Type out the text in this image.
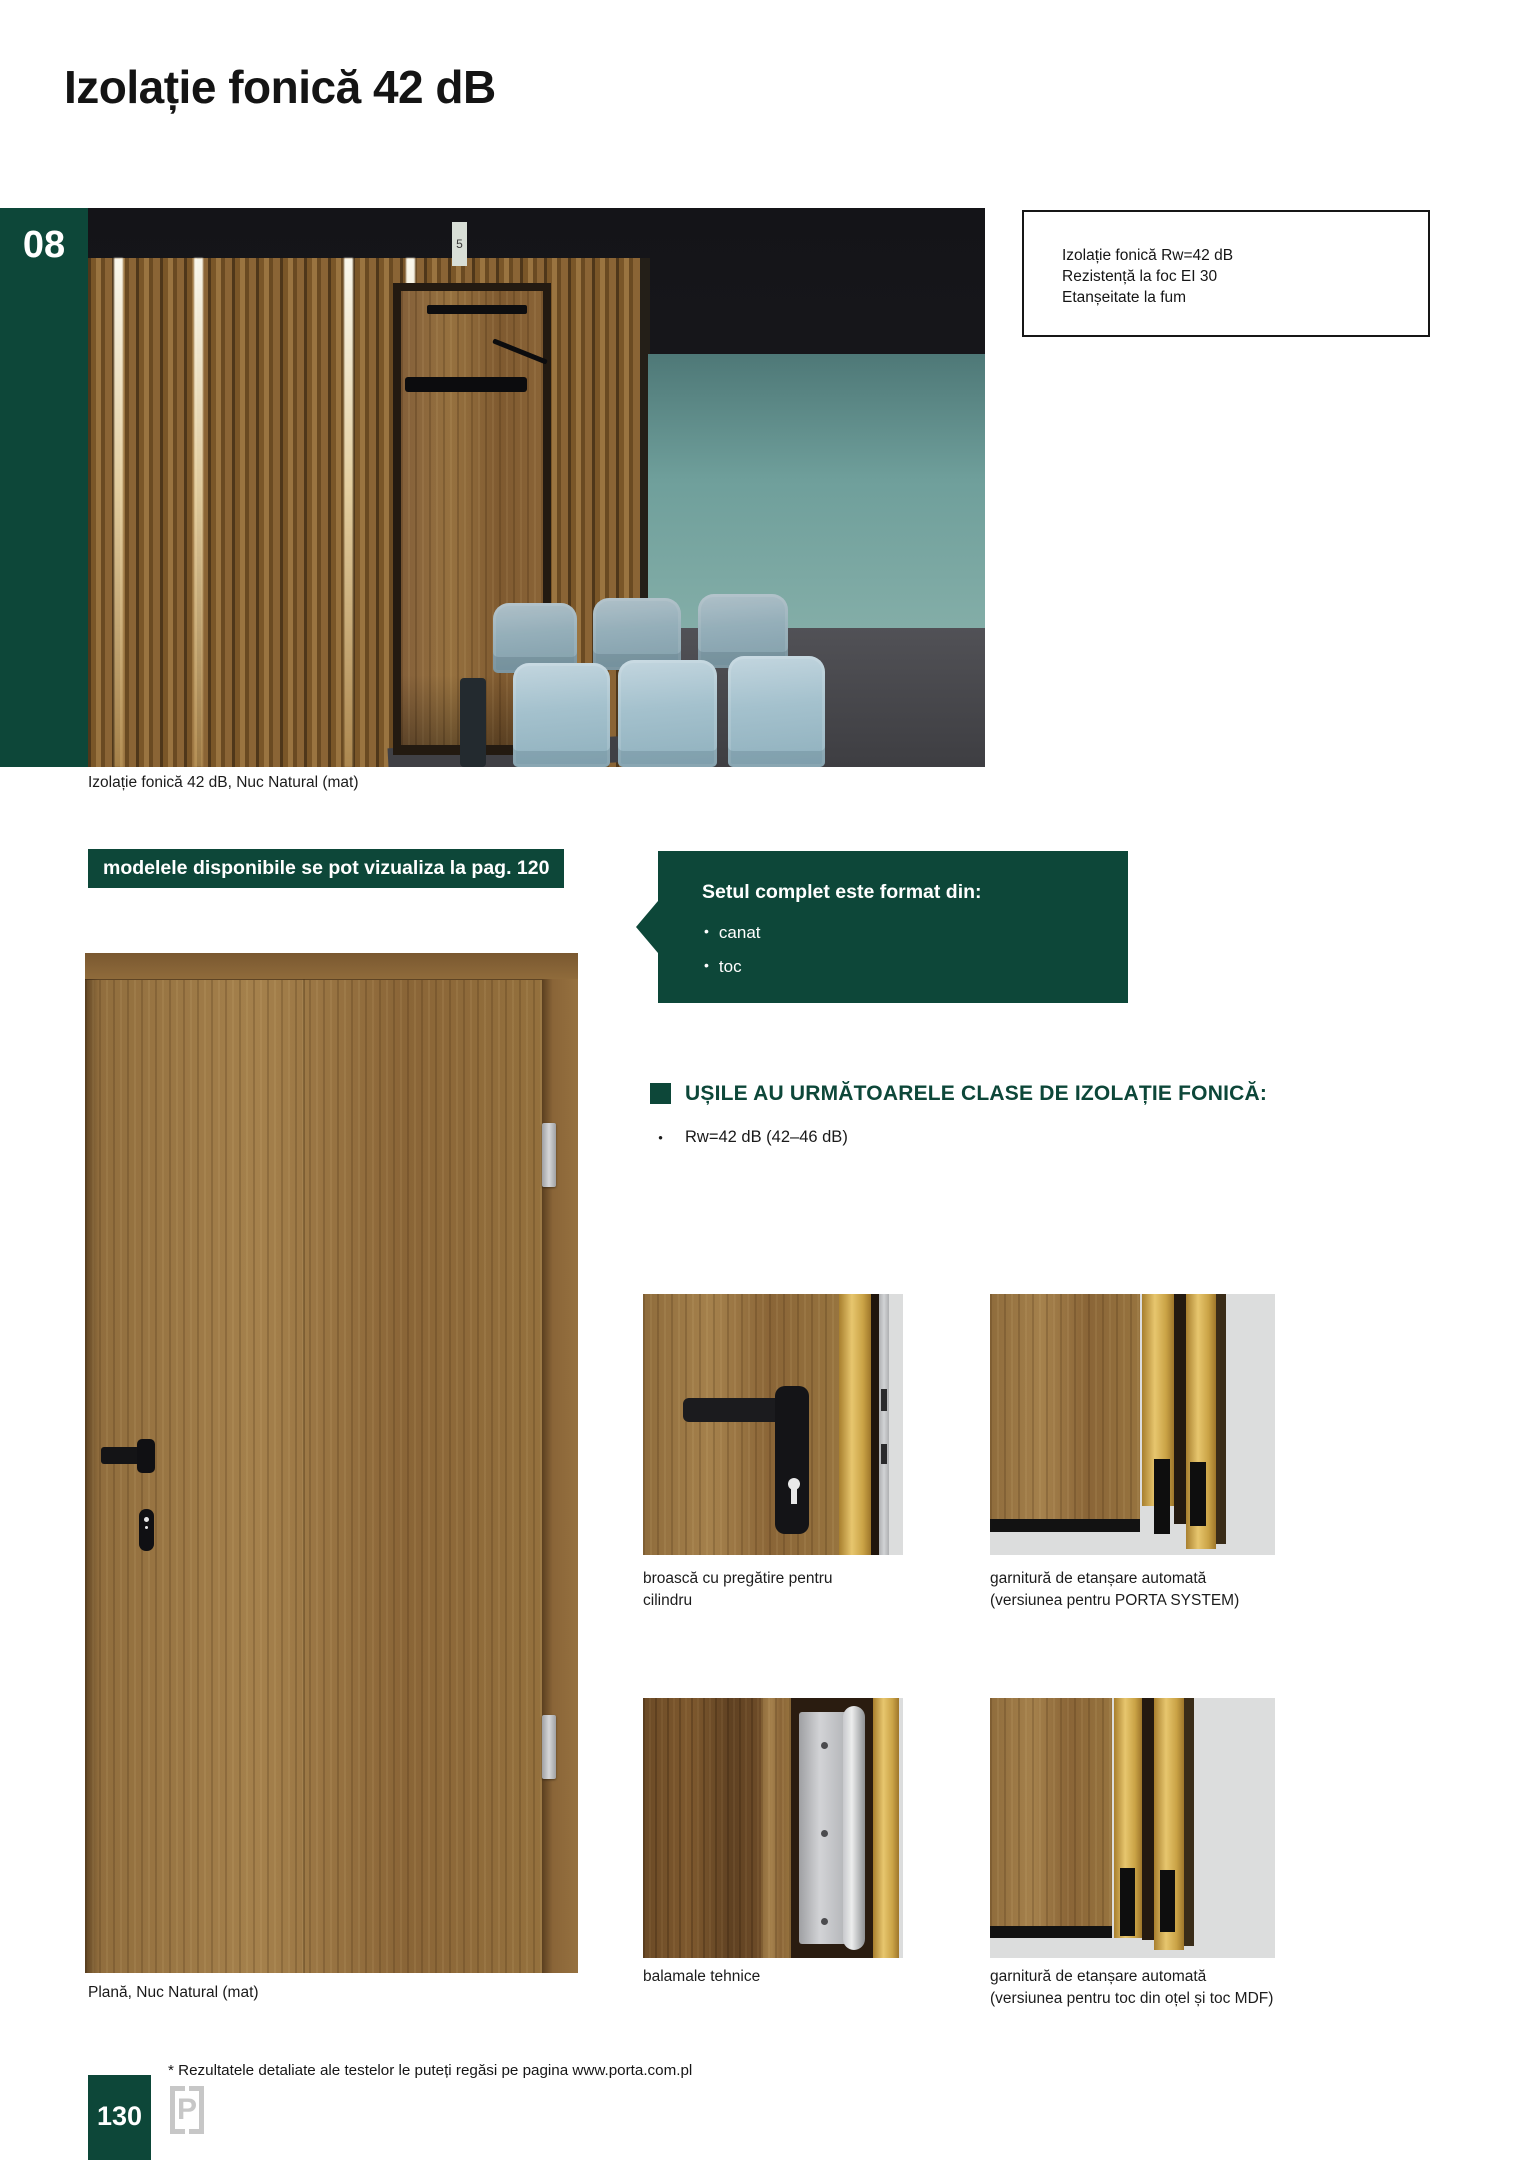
Izolație fonică 42 dB
08	5
Izolație fonică Rw=42 dB
Rezistență la foc EI 30
Etanșeitate la fum
Izolație fonică 42 dB, Nuc Natural (mat)
modelele disponibile se pot vizualiza la pag. 120
Setul complet este format din:
• canat
• toc
UȘILE AU URMĂTOARELE CLASE DE IZOLAȚIE FONICĂ:
•	Rw=42 dB (42–46 dB)
Plană, Nuc Natural (mat)
broască cu pregătire pentru
cilindru
garnitură de etanșare automată
(versiunea pentru PORTA SYSTEM)
balamale tehnice	garnitură de etanșare automată
(versiunea pentru toc din oțel și toc MDF)
* Rezultatele detaliate ale testelor le puteți regăsi pe pagina www.porta.com.pl
130 P
